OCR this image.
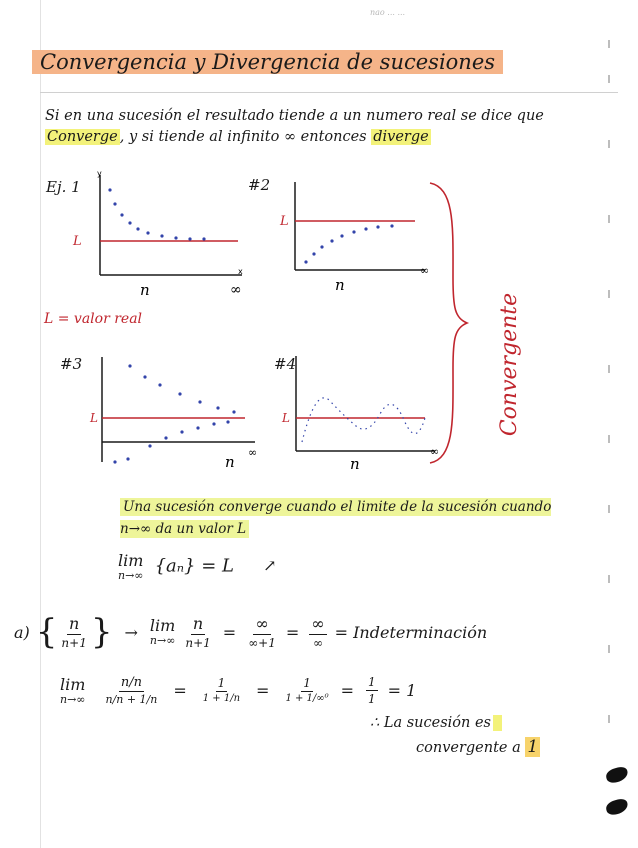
nao ... ...
Convergencia y Divergencia de sucesiones
Si en una sucesión el resultado tiende a un numero real se dice que Converge , y si tiende al infinito ∞ entonces diverge
Ej. 1	#2
#3	#4
L
n	∞
x
y
L
n
∞
L = valor real	Convergente
L
n
∞
L
n
∞
Una sucesión converge cuando el limite de la sucesión cuando n→∞ da un valor L
lim
n→∞ {aₙ} = L ↗
a) { $\frac{n}{n+1}$ } → lim
$n\to\infty \frac{n}{n+1} = \frac{\infty}{\infty+1} = \frac{\infty}{\infty}$ = Indeterminación
lim
$n\to\infty \frac{n/n}{n/n + 1/n} = \frac{1}{1 + 1/n} = \frac{1}{\text{1 + 1/∞⁰}} = \frac{1}{1} = 1$
∴ La sucesión es
convergente a 1
